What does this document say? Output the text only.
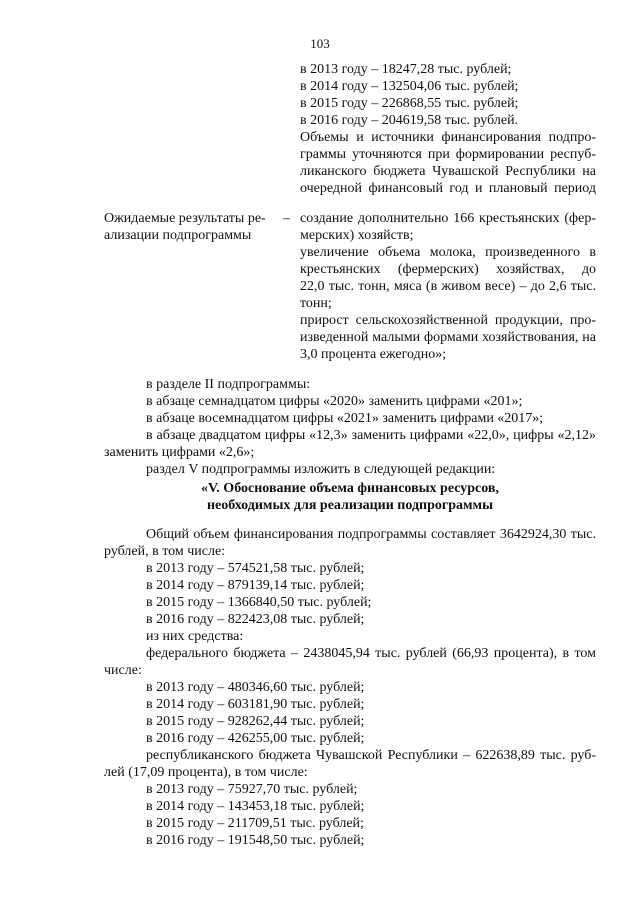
103
в 2013 году – 18247,28 тыс. рублей;
в 2014 году – 132504,06 тыс. рублей;
в 2015 году – 226868,55 тыс. рублей;
в 2016 году – 204619,58 тыс. рублей.
Объемы и источники финансирования подпро-
граммы уточняются при формировании респуб-
ликанского бюджета Чувашской Республики на
очередной финансовый год и плановый период
Ожидаемые результаты ре-
ализации подпрограммы
– создание дополнительно 166 крестьянских (фер-
мерских) хозяйств;
увеличение объема молока, произведенного в
крестьянских (фермерских) хозяйствах, до
22,0 тыс. тонн, мяса (в живом весе) – до 2,6 тыс.
тонн;
прирост сельскохозяйственной продукции, про-
изведенной малыми формами хозяйствования, на
3,0 процента ежегодно»;
в разделе II подпрограммы:
в абзаце семнадцатом цифры «2020» заменить цифрами «201»;
в абзаце восемнадцатом цифры «2021» заменить цифрами «2017»;
в абзаце двадцатом цифры «12,3» заменить цифрами «22,0», цифры «2,12»
заменить цифрами «2,6»;
раздел V подпрограммы изложить в следующей редакции:
«V. Обоснование объема финансовых ресурсов,
необходимых для реализации подпрограммы
Общий объем финансирования подпрограммы составляет 3642924,30 тыс.
рублей, в том числе:
в 2013 году – 574521,58 тыс. рублей;
в 2014 году – 879139,14 тыс. рублей;
в 2015 году – 1366840,50 тыс. рублей;
в 2016 году – 822423,08 тыс. рублей;
из них средства:
федерального бюджета – 2438045,94 тыс. рублей (66,93 процента), в том
числе:
в 2013 году – 480346,60 тыс. рублей;
в 2014 году – 603181,90 тыс. рублей;
в 2015 году – 928262,44 тыс. рублей;
в 2016 году – 426255,00 тыс. рублей;
республиканского бюджета Чувашской Республики – 622638,89 тыс. руб-
лей (17,09 процента), в том числе:
в 2013 году – 75927,70 тыс. рублей;
в 2014 году – 143453,18 тыс. рублей;
в 2015 году – 211709,51 тыс. рублей;
в 2016 году – 191548,50 тыс. рублей;
